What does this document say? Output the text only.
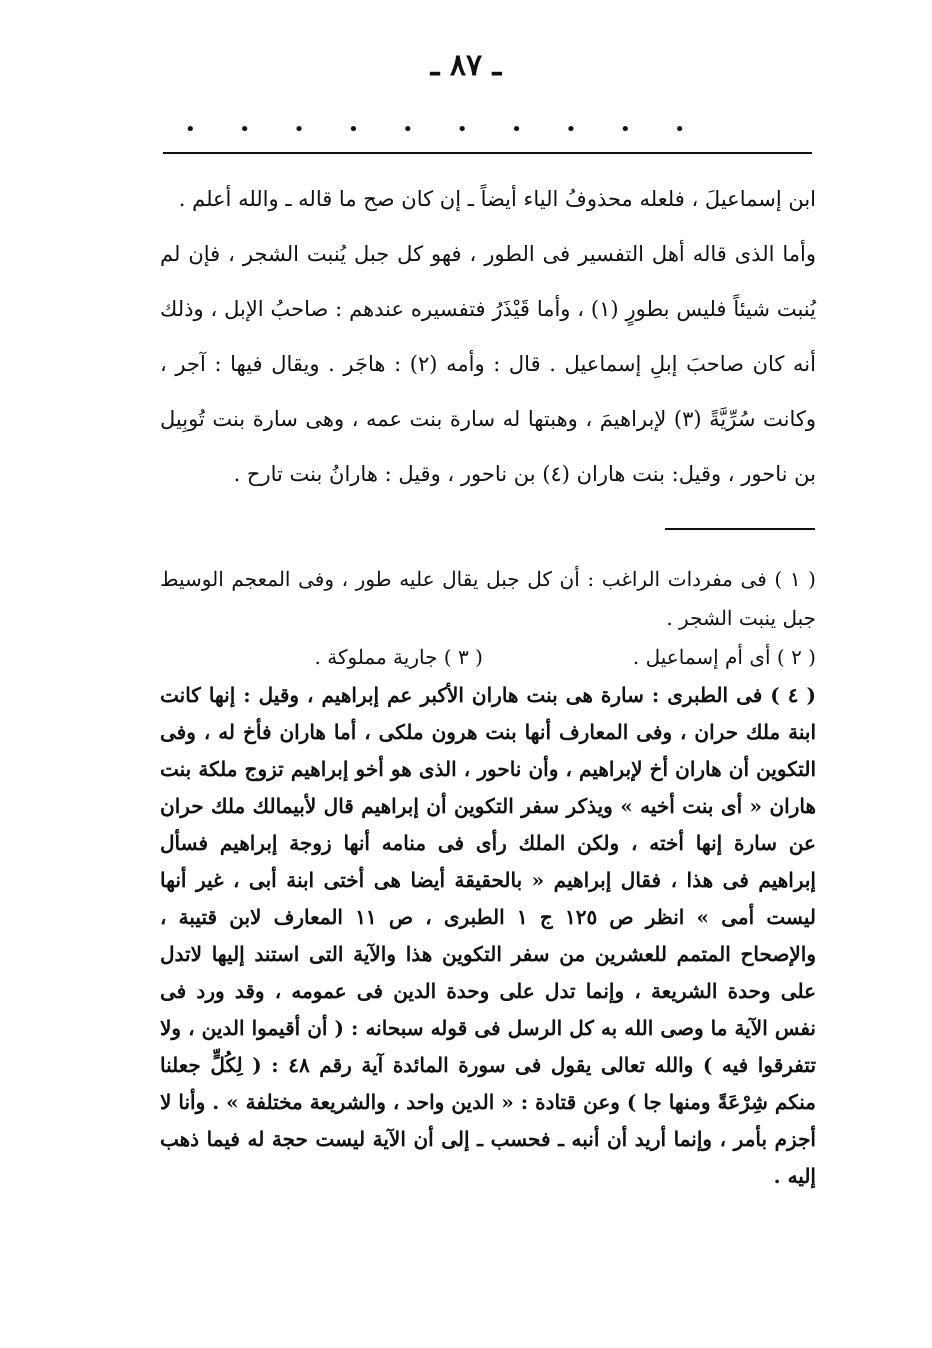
ـ ٨٧ ـ
• • • • • • • • • •

ابن إسماعيلَ ، فلعله محذوفُ الياء أيضاً ـ إن كان صح ما قاله ـ والله أعلم .

وأما الذى قاله أهل التفسير فى الطور ، فهو كل جبل يُنبت الشجر ، فإن لم يُنبت شيئاً فليس بطورٍ (١) ، وأما قَيْذَرُ فتفسيره عندهم : صاحبُ الإبل ، وذلك أنه كان صاحبَ إبلِ إسماعيل . قال : وأمه (٢) : هاجَر . ويقال فيها : آجر ، وكانت سُرِّيَّةً (٣) لإبراهيمَ ، وهبتها له سارة بنت عمه ، وهى سارة بنت تُوبِيل بن ناحور ، وقيل: بنت هاران (٤) بن ناحور ، وقيل : هارانُ بنت تارح .

( ١ ) فى مفردات الراغب : أن كل جبل يقال عليه طور ، وفى المعجم الوسيط جبل ينبت الشجر .

( ٢ ) أى أم إسماعيل .
( ٣ ) جارية مملوكة .

( ٤ ) فى الطبرى : سارة هى بنت هاران الأكبر عم إبراهيم ، وقيل : إنها كانت ابنة ملك حران ، وفى المعارف أنها بنت هرون ملكى ، أما هاران فأخ له ، وفى التكوين أن هاران أخ لإبراهيم ، وأن ناحور ، الذى هو أخو إبراهيم تزوج ملكة بنت هاران « أى بنت أخيه » ويذكر سفر التكوين أن إبراهيم قال لأبيمالك ملك حران عن سارة إنها أخته ، ولكن الملك رأى فى منامه أنها زوجة إبراهيم فسأل إبراهيم فى هذا ، فقال إبراهيم « بالحقيقة أيضا هى أختى ابنة أبى ، غير أنها ليست أمى » انظر ص ١٢٥ ج ١ الطبرى ، ص ١١ المعارف لابن قتيبة ، والإصحاح المتمم للعشرين من سفر التكوين هذا والآية التى استند إليها لاتدل على وحدة الشريعة ، وإنما تدل على وحدة الدين فى عمومه ، وقد ورد فى نفس الآية ما وصى الله به كل الرسل فى قوله سبحانه : ( أن أقيموا الدين ، ولا تتفرقوا فيه ) والله تعالى يقول فى سورة المائدة آية رقم ٤٨ : ( لِكُلٍّ جعلنا منكم شِرْعَةً ومنها جا ) وعن قتادة : « الدين واحد ، والشريعة مختلفة » . وأنا لا أجزم بأمر ، وإنما أريد أن أنبه ـ فحسب ـ إلى أن الآية ليست حجة له فيما ذهب إليه .
